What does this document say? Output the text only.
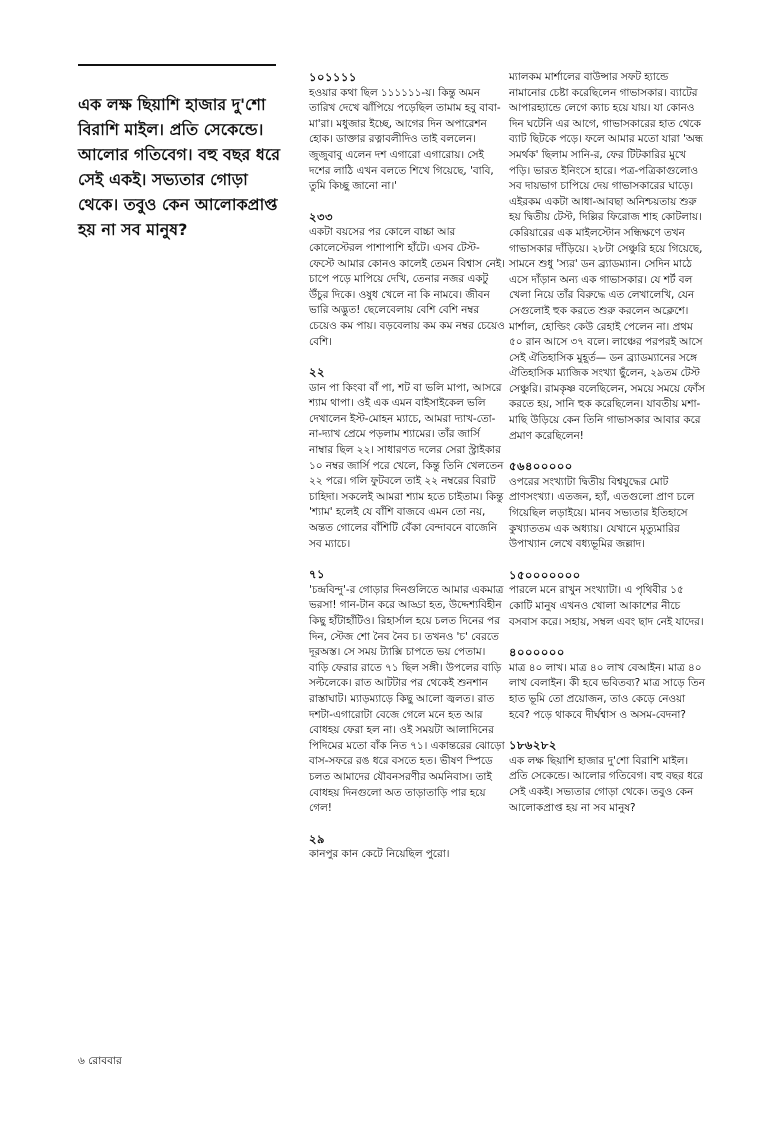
এক লক্ষ ছিয়াশি হাজার দু'শো বিরাশি মাইল। প্রতি সেকেন্ডে। আলোর গতিবেগ। বহু বছর ধরে সেই একই। সভ্যতার গোড়া থেকে। তবুও কেন আলোকপ্রাপ্ত হয় না সব মানুষ?
১০১১১১
হওয়ার কথা ছিল ১১১১১১-য়। কিন্তু অমন তারিখ দেখে ঝাঁপিয়ে পড়েছিল তামাম হবু বাবা-মা'রা। মধুজার ইচ্ছে, আগের দিন অপারেশন হোক। ডাক্তার রত্নাবলীদিও তাই বললেন। জুজুবাবু এলেন দশ এগারো এগারোয়। সেই দশের লাঠি এখন বলতে শিখে গিয়েছে, 'বাবি, তুমি কিচ্ছু জানো না।'
২৩৩
একটা বয়সের পর কোলে বাচ্চা আর কোলেস্টেরল পাশাপাশি হাঁটে। এসব টেস্ট-ফেস্টে আমার কোনও কালেই তেমন বিশ্বাস নেই। চাপে পড়ে মাপিয়ে দেখি, তেনার নজর একটু উঁচুর দিকে। ওষুধ খেলে না কি নামবে। জীবন ভারি অদ্ভুত! ছেলেবেলায় বেশি বেশি নম্বর চেয়েও কম পায়। বড়বেলায় কম কম নম্বর চেয়েও বেশি।
২২
ডান পা কিংবা বাঁ পা, শট বা ভলি মাপা, আসরে শ্যাম থাপা। ওই এক এমন বাইসাইকেল ভলি দেখালেন ইস্ট-মোহন ম্যাচে, আমরা দ্যাখ-তো-না-দ্যাখ প্রেমে পড়লাম শ্যামের। তাঁর জার্সি নাম্বার ছিল ২২। সাধারণত দলের সেরা স্ট্রাইকার ১০ নম্বর জার্সি পরে খেলে, কিন্তু তিনি খেলতেন ২২ পরে। গলি ফুটবলে তাই ২২ নম্বরের বিরাট চাহিদা। সকলেই আমরা শ্যাম হতে চাইতাম। কিন্তু 'শ্যাম' হলেই যে বাঁশি বাজবে এমন তো নয়, অন্তত গোলের বাঁশিটি বেঁকা বেন্দাবনে বাজেনি সব ম্যাচে।
৭১
'চন্দ্রবিন্দু'-র গোড়ার দিনগুলিতে আমার একমাত্র ভরসা! গান-টান করে আড্ডা হত, উদ্দেশ্যবিহীন কিছু হাঁটাহাঁটিও। রিহার্সাল হয়ে চলত দিনের পর দিন, স্টেজ শো নৈব নৈব চ। তখনও 'চ' বেরতে দূরঅস্ত। সে সময় ট্যাক্সি চাপতে ভয় পেতাম। বাড়ি ফেরার রাতে ৭১ ছিল সঙ্গী। উপলের বাড়ি সল্টলেকে। রাত আটটার পর থেকেই শুনশান রাস্তাঘাট। ম্যাড়ম্যাড়ে কিছু আলো জ্বলত। রাত দশটা-এগারোটা বেজে গেলে মনে হত আর বোধহয় ফেরা হল না। ওই সময়টা আলাদিনের পিদিমের মতো বাঁক নিত ৭১। একান্তরের ঝোড়ো বাস-সফরে রঙ ধরে বসতে হত। ভীষণ স্পিডে চলত আমাদের যৌবনসরণীর অমনিবাস। তাই বোধহয় দিনগুলো অত তাড়াতাড়ি পার হয়ে গেল!
২৯
কানপুর কান কেটে নিয়েছিল পুরো।
ম্যালকম মার্শালের বাউন্সার সফট হ্যান্ডে নামানোর চেষ্টা করেছিলেন গাভাসকার। ব্যাটের আপারহ্যান্ডে লেগে ক্যাচ হয়ে যায়। যা কোনও দিন ঘটেনি এর আগে, গাভাসকারের হাত থেকে ব্যাট ছিটকে পড়ে। ফলে আমার মতো যারা 'অন্ধ সমর্থক' ছিলাম সানি-র, ফের টিটকারির মুখে পড়ি। ভারত ইনিংসে হারে। পত্র-পত্রিকাগুলোও সব দায়ভাগ চাপিয়ে দেয় গাভাসকারের ঘাড়ে। এইরকম একটা আধা-আবছা অনিশ্চয়তায় শুরু হয় দ্বিতীয় টেস্ট, দিল্লির ফিরোজ শাহ কোটলায়। কেরিয়ারের এক মাইলস্টোন সন্ধিক্ষণে তখন গাভাসকার দাঁড়িয়ে। ২৮টা সেঞ্চুরি হয়ে গিয়েছে, সামনে শুধু 'স্যর' ডন ব্র্যাডম্যান। সেদিন মাঠে এসে দাঁড়ান অন্য এক গাভাসকার। যে শর্ট বল খেলা নিয়ে তাঁর বিরুদ্ধে এত লেখালেখি, যেন সেগুলোই হুক করতে শুরু করলেন অক্লেশে। মার্শাল, হোল্ডিং কেউ রেহাই পেলেন না। প্রথম ৫০ রান আসে ৩৭ বলে। লাঞ্চের পরপরই আসে সেই ঐতিহাসিক মুহূর্ত— ডন ব্র্যাডম্যানের সঙ্গে ঐতিহাসিক ম্যাজিক সংখ্যা ছুঁলেন, ২৯তম টেস্ট সেঞ্চুরি। রামকৃষ্ণ বলেছিলেন, সময়ে সময়ে ফোঁস করতে হয়, সানি হুক করেছিলেন। যাবতীয় মশা-মাছি উড়িয়ে কেন তিনি গাভাসকার আবার করে প্রমাণ করেছিলেন!
৫৬৪০০০০০
ওপরের সংখ্যাটা দ্বিতীয় বিশ্বযুদ্ধের মোট প্রাণসংখ্যা। এতজন, হ্যাঁ, এতগুলো প্রাণ চলে গিয়েছিল লড়াইয়ে। মানব সভ্যতার ইতিহাসে কুখ্যাততম এক অধ্যায়। যেখানে মৃত্যুমারির উপাখ্যান লেখে বধ্যভূমির জল্লাদ।
১৫০০০০০০০
পারলে মনে রাখুন সংখ্যাটা। এ পৃথিবীর ১৫ কোটি মানুষ এখনও খোলা আকাশের নীচে বসবাস করে। সহায়, সম্বল এবং ছাদ নেই যাদের।
৪০০০০০০
মাত্র ৪০ লাখ। মাত্র ৪০ লাখ বেআইন। মাত্র ৪০ লাখ বেলাইন। কী হবে ভবিতব্য? মাত্র সাড়ে তিন হাত ভূমি তো প্রয়োজন, তাও কেড়ে নেওয়া হবে? পড়ে থাকবে দীর্ঘশ্বাস ও অসম-বেদনা?
১৮৬২৮২
এক লক্ষ ছিয়াশি হাজার দু'শো বিরাশি মাইল। প্রতি সেকেন্ডে। আলোর গতিবেগ। বহু বছর ধরে সেই একই। সভ্যতার গোড়া থেকে। তবুও কেন আলোকপ্রাপ্ত হয় না সব মানুষ?
৬ রোববার
